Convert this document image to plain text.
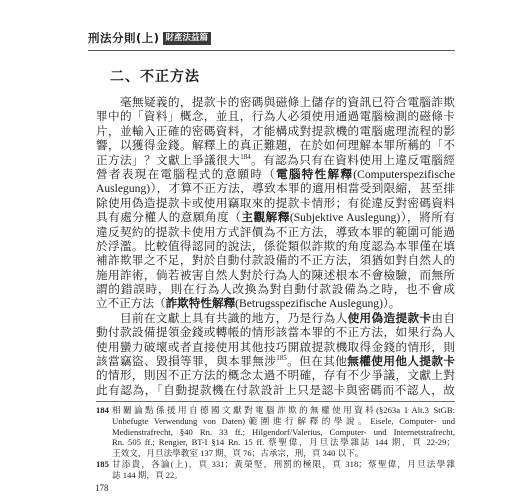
刑法分則(上) 財產法益篇
二、不正方法
毫無疑義的，提款卡的密碼與磁條上儲存的資訊已符合電腦詐欺
罪中的「資料」概念，並且，行為人必須使用通過電腦檢測的磁條卡
片，並輸入正確的密碼資料，才能構成對提款機的電腦處理流程的影
響，以獲得金錢。解釋上的真正難題，在於如何理解本罪所稱的「不
正方法」？文獻上爭議很大$^{184}$。有認為只有在資料使用上違反電腦經
營者表現在電腦程式的意願時（電腦特性解釋(Computerspezifische
Auslegung)），才算不正方法，導致本罪的適用相當受到限縮，甚至排
除使用偽造提款卡或使用竊取來的提款卡情形；有從違反對密碼資料
具有處分權人的意願角度（主觀解釋(Subjektive Auslegung)），將所有
違反契約的提款卡使用方式評價為不正方法，導致本罪的範圍可能過
於浮濫。比較值得認同的說法，係從類似詐欺的角度認為本罪僅在填
補詐欺罪之不足，對於自動付款設備的不正方法，須猶如對自然人的
施用詐術，倘若被害自然人對於行為人的陳述根本不會檢驗，而無所
謂的錯誤時，則在行為人改換為對自動付款設備為之時，也不會成
立不正方法（詐欺特性解釋(Betrugsspezifische Auslegung)）。
目前在文獻上具有共識的地方，乃是行為人使用偽造提款卡由自
動付款設備提領金錢或轉帳的情形該當本罪的不正方法，如果行為人
使用蠻力破壞或者直接使用其他技巧開啟提款機取得金錢的情形，則
該當竊盜、毀損等罪，與本罪無涉$^{185}$。但在其他無權使用他人提款卡
的情形，則因不正方法的概念太過不明確，存有不少爭議，文獻上對
此有認為，「自動提款機在付款設計上只是認卡與密碼而不認人，故
184 相關論點係援用自德國文獻對電腦詐欺的無權使用資料(§263a I Alt.3 StGB:
Unbefugte Verwendung von Daten)範圍進行解釋的學說。Eisele, Computer- und
Medienstrafrecht, §40 Rn. 33 ff.; Hilgendorf/Valerius, Computer- und Internetstrafrecht,
Rn. 505 ff.; Rengier, BT-I §14 Rn. 15 ff. 蔡聖偉，月旦法學雜誌 144 期，頁 22-29；
王效文，月旦法學教室 137 期，頁 76；古承宗，刑，頁 340 以下。
185 甘添貴，各論(上)，頁 331；黃榮堅，刑罰的極限，頁 318；蔡聖偉，月旦法學雜
誌 144 期，頁 22。
178
